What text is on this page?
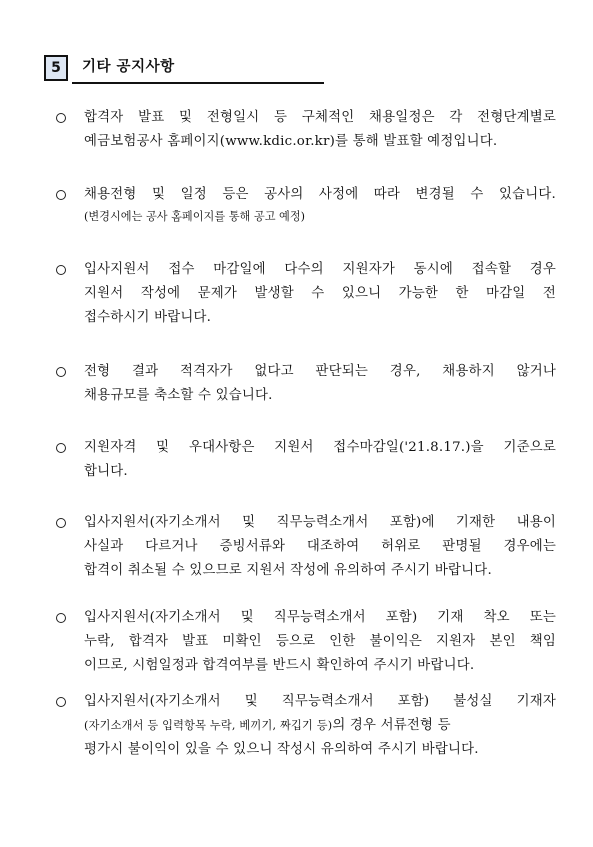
5	기타 공지사항
합격자 발표 및 전형일시 등 구체적인 채용일정은 각 전형단계별로
예금보험공사 홈페이지(www.kdic.or.kr)를 통해 발표할 예정입니다.
채용전형 및 일정 등은 공사의 사정에 따라 변경될 수 있습니다.
(변경시에는 공사 홈페이지를 통해 공고 예정)
입사지원서 접수 마감일에 다수의 지원자가 동시에 접속할 경우
지원서 작성에 문제가 발생할 수 있으니 가능한 한 마감일 전
접수하시기 바랍니다.
전형 결과 적격자가 없다고 판단되는 경우, 채용하지 않거나
채용규모를 축소할 수 있습니다.
지원자격 및 우대사항은 지원서 접수마감일('21.8.17.)을 기준으로
합니다.
입사지원서(자기소개서 및 직무능력소개서 포함)에 기재한 내용이
사실과 다르거나 증빙서류와 대조하여 허위로 판명될 경우에는
합격이 취소될 수 있으므로 지원서 작성에 유의하여 주시기 바랍니다.
입사지원서(자기소개서 및 직무능력소개서 포함) 기재 착오 또는
누락, 합격자 발표 미확인 등으로 인한 불이익은 지원자 본인 책임
이므로, 시험일정과 합격여부를 반드시 확인하여 주시기 바랍니다.
입사지원서(자기소개서 및 직무능력소개서 포함) 불성실 기재자
(자기소개서 등 입력항목 누락, 베끼기, 짜깁기 등)의 경우 서류전형 등
평가시 불이익이 있을 수 있으니 작성시 유의하여 주시기 바랍니다.
